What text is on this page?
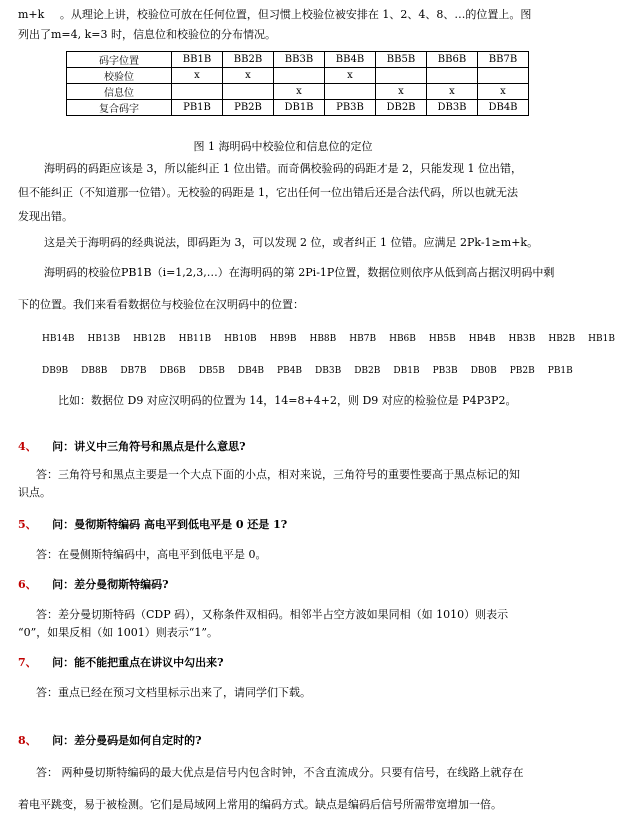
m+k 。从理论上讲，校验位可放在任何位置，但习惯上校验位被安排在 1、2、4、8、…的位置上。图
列出了m=4, k=3 时，信息位和校验位的分布情况。
码字位置	BB1B	BB2B	BB3B	BB4B	BB5B	BB6B	BB7B
校验位	x	x		x			
信息位			x		x	x	x
复合码字	PB1B	PB2B	DB1B	PB3B	DB2B	DB3B	DB4B
图 1 海明码中校验位和信息位的定位
海明码的码距应该是 3，所以能纠正 1 位出错。而奇偶校验码的码距才是 2，只能发现 1 位出错，
但不能纠正（不知道那一位错）。无校验的码距是 1，它出任何一位出错后还是合法代码，所以也就无法
发现出错。
这是关于海明码的经典说法，即码距为 3，可以发现 2 位，或者纠正 1 位错。应满足 2Pk-1≥m+k。
海明码的校验位PB1B（i=1,2,3,…）在海明码的第 2Pi-1P位置，数据位则依序从低到高占据汉明码中剩
下的位置。我们来看看数据位与校验位在汉明码中的位置：
HB14B HB13B HB12B HB11B HB10B HB9B HB8B HB7B HB6B HB5B HB4B HB3B HB2B HB1B
DB9B DB8B DB7B DB6B DB5B DB4B PB4B DB3B DB2B DB1B PB3B DB0B PB2B PB1B
比如：数据位 D9 对应汉明码的位置为 14，14=8+4+2，则 D9 对应的检验位是 P4P3P2。
4、 问：讲义中三角符号和黑点是什么意思?
答：三角符号和黑点主要是一个大点下面的小点，相对来说，三角符号的重要性要高于黑点标记的知
识点。
5、 问：曼彻斯特编码 高电平到低电平是 0 还是 1?
答：在曼侧斯特编码中，高电平到低电平是 0。
6、 问：差分曼彻斯特编码?
答：差分曼切斯特码（CDP 码），又称条件双相码。相邻半占空方波如果同相（如 1010）则表示
“0”，如果反相（如 1001）则表示“1”。
7、 问：能不能把重点在讲议中勾出来?
答：重点已经在预习文档里标示出来了，请同学们下载。
8、 问：差分曼码是如何自定时的?
答： 两种曼切斯特编码的最大优点是信号内包含时钟，不含直流成分。只要有信号，在线路上就存在
着电平跳变，易于被检测。它们是局域网上常用的编码方式。缺点是编码后信号所需带宽增加一倍。
